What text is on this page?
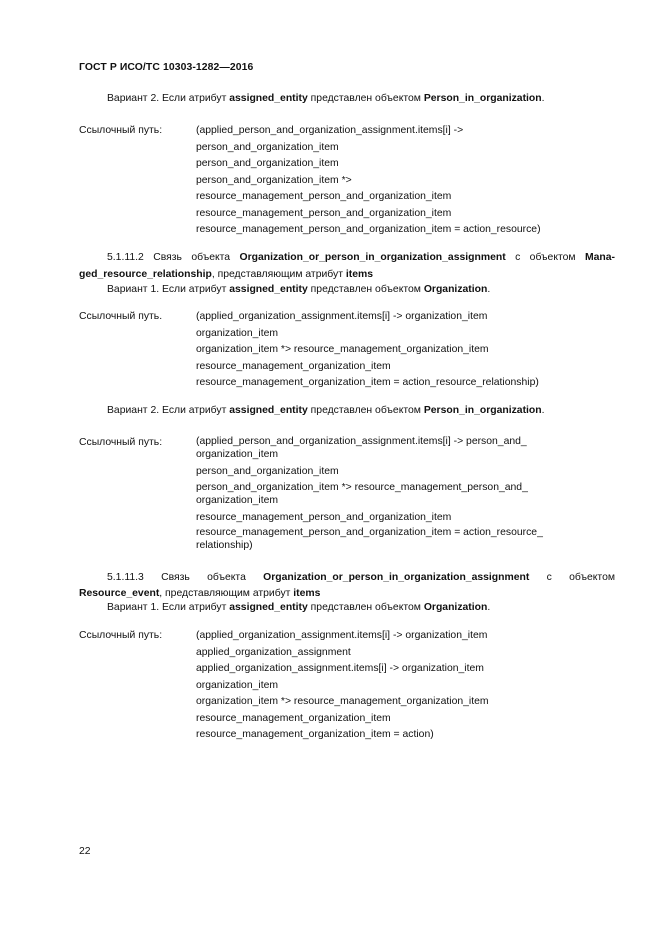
ГОСТ Р ИСО/ТС 10303-1282—2016
Вариант 2. Если атрибут assigned_entity представлен объектом Person_in_organization.
Ссылочный путь:	(applied_person_and_organization_assignment.items[i] ->
person_and_organization_item
person_and_organization_item
person_and_organization_item *>
resource_management_person_and_organization_item
resource_management_person_and_organization_item
resource_management_person_and_organization_item = action_resource)
5.1.11.2 Связь объекта Organization_or_person_in_organization_assignment с объектом Mana-
ged_resource_relationship, представляющим атрибут items
Вариант 1. Если атрибут assigned_entity представлен объектом Organization.
Ссылочный путь.	(applied_organization_assignment.items[i] -> organization_item
organization_item
organization_item *> resource_management_organization_item
resource_management_organization_item
resource_management_organization_item = action_resource_relationship)
Вариант 2. Если атрибут assigned_entity представлен объектом Person_in_organization.
Ссылочный путь:	(applied_person_and_organization_assignment.items[i] -> person_and_
organization_item
person_and_organization_item
person_and_organization_item *> resource_management_person_and_
organization_item
resource_management_person_and_organization_item
resource_management_person_and_organization_item = action_resource_
relationship)
5.1.11.3 Связь объекта Organization_or_person_in_organization_assignment с объектом
Resource_event, представляющим атрибут items
Вариант 1. Если атрибут assigned_entity представлен объектом Organization.
Ссылочный путь:	(applied_organization_assignment.items[i] -> organization_item
applied_organization_assignment
applied_organization_assignment.items[i] -> organization_item
organization_item
organization_item *> resource_management_organization_item
resource_management_organization_item
resource_management_organization_item = action)
22
